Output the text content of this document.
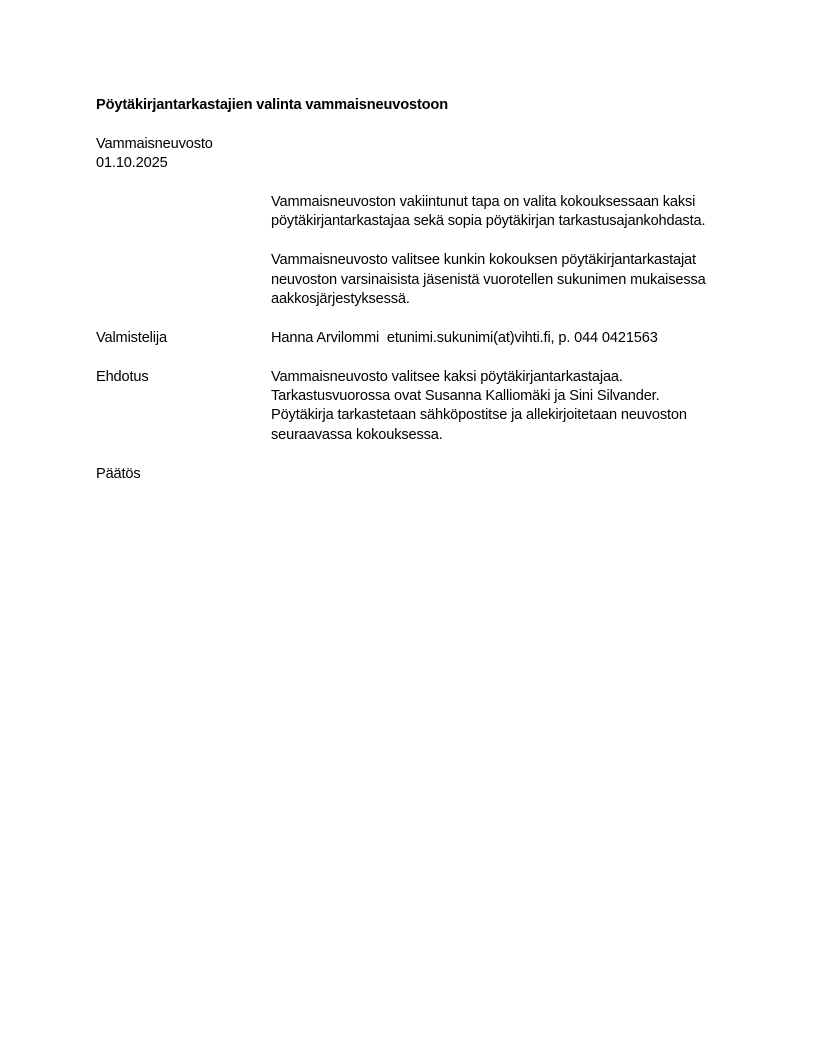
Pöytäkirjantarkastajien valinta vammaisneuvostoon
Vammaisneuvosto
01.10.2025
Vammaisneuvoston vakiintunut tapa on valita kokouksessaan kaksi
pöytäkirjantarkastajaa sekä sopia pöytäkirjan tarkastusajankohdasta.
Vammaisneuvosto valitsee kunkin kokouksen pöytäkirjantarkastajat
neuvoston varsinaisista jäsenistä vuorotellen sukunimen mukaisessa
aakkosjärjestyksessä.
Valmistelija	Hanna Arvilommi  etunimi.sukunimi(at)vihti.fi, p. 044 0421563
Ehdotus	Vammaisneuvosto valitsee kaksi pöytäkirjantarkastajaa.
Tarkastusvuorossa ovat Susanna Kalliomäki ja Sini Silvander.
Pöytäkirja tarkastetaan sähköpostitse ja allekirjoitetaan neuvoston
seuraavassa kokouksessa.
Päätös
